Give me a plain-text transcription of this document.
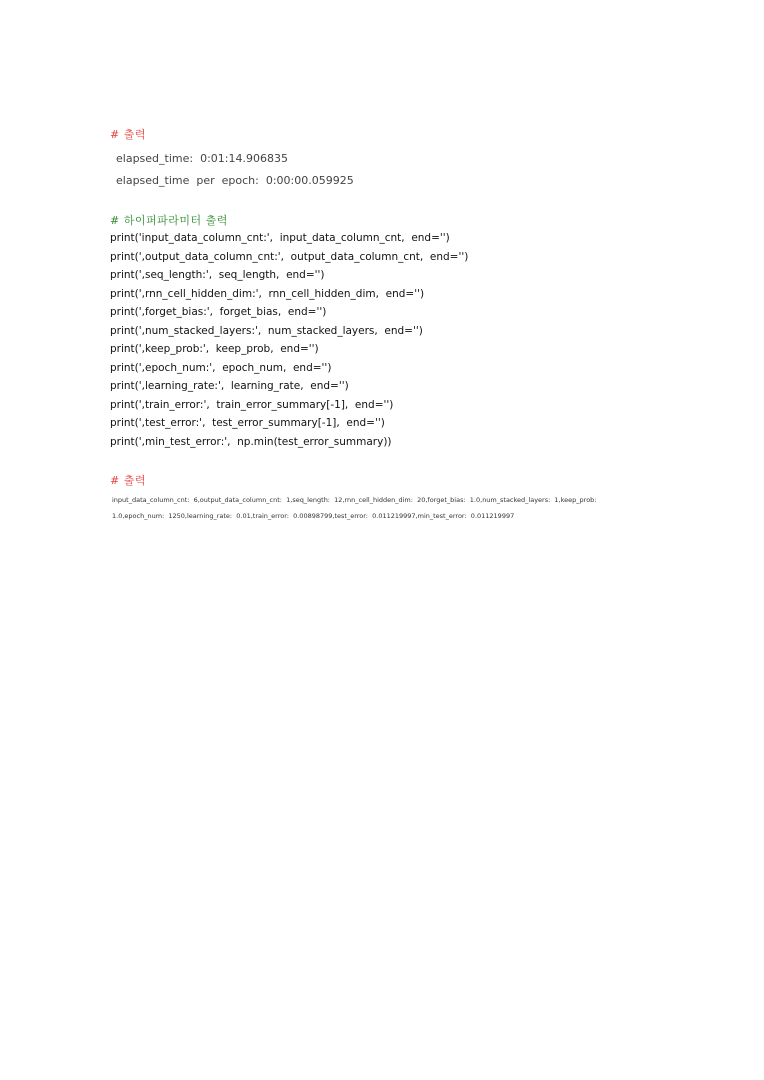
# 출력
elapsed_time:  0:01:14.906835
elapsed_time  per  epoch:  0:00:00.059925
# 하이퍼파라미터 출력
print('input_data_column_cnt:',  input_data_column_cnt,  end='')
print(',output_data_column_cnt:',  output_data_column_cnt,  end='')
print(',seq_length:',  seq_length,  end='')
print(',rnn_cell_hidden_dim:',  rnn_cell_hidden_dim,  end='')
print(',forget_bias:',  forget_bias,  end='')
print(',num_stacked_layers:',  num_stacked_layers,  end='')
print(',keep_prob:',  keep_prob,  end='')
print(',epoch_num:',  epoch_num,  end='')
print(',learning_rate:',  learning_rate,  end='')
print(',train_error:',  train_error_summary[-1],  end='')
print(',test_error:',  test_error_summary[-1],  end='')
print(',min_test_error:',  np.min(test_error_summary))
# 출력
input_data_column_cnt:  6,output_data_column_cnt:  1,seq_length:  12,rnn_cell_hidden_dim:  20,forget_bias:  1.0,num_stacked_layers:  1,keep_prob:
1.0,epoch_num:  1250,learning_rate:  0.01,train_error:  0.00898799,test_error:  0.011219997,min_test_error:  0.011219997
